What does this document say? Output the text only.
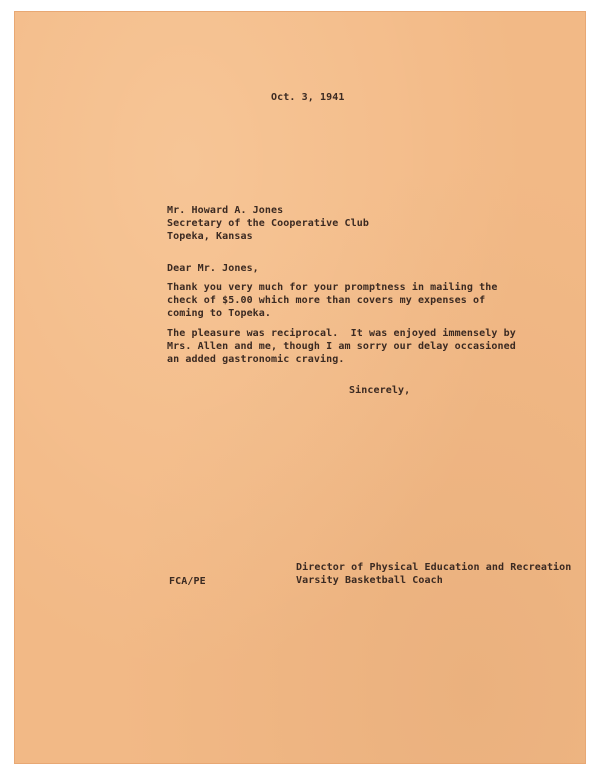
Oct. 3, 1941
Mr. Howard A. Jones
Secretary of the Cooperative Club
Topeka, Kansas
Dear Mr. Jones,
Thank you very much for your promptness in mailing the
check of $5.00 which more than covers my expenses of
coming to Topeka.
The pleasure was reciprocal.  It was enjoyed immensely by
Mrs. Allen and me, though I am sorry our delay occasioned
an added gastronomic craving.
Sincerely,
FCA/PE
Director of Physical Education and Recreation
Varsity Basketball Coach
